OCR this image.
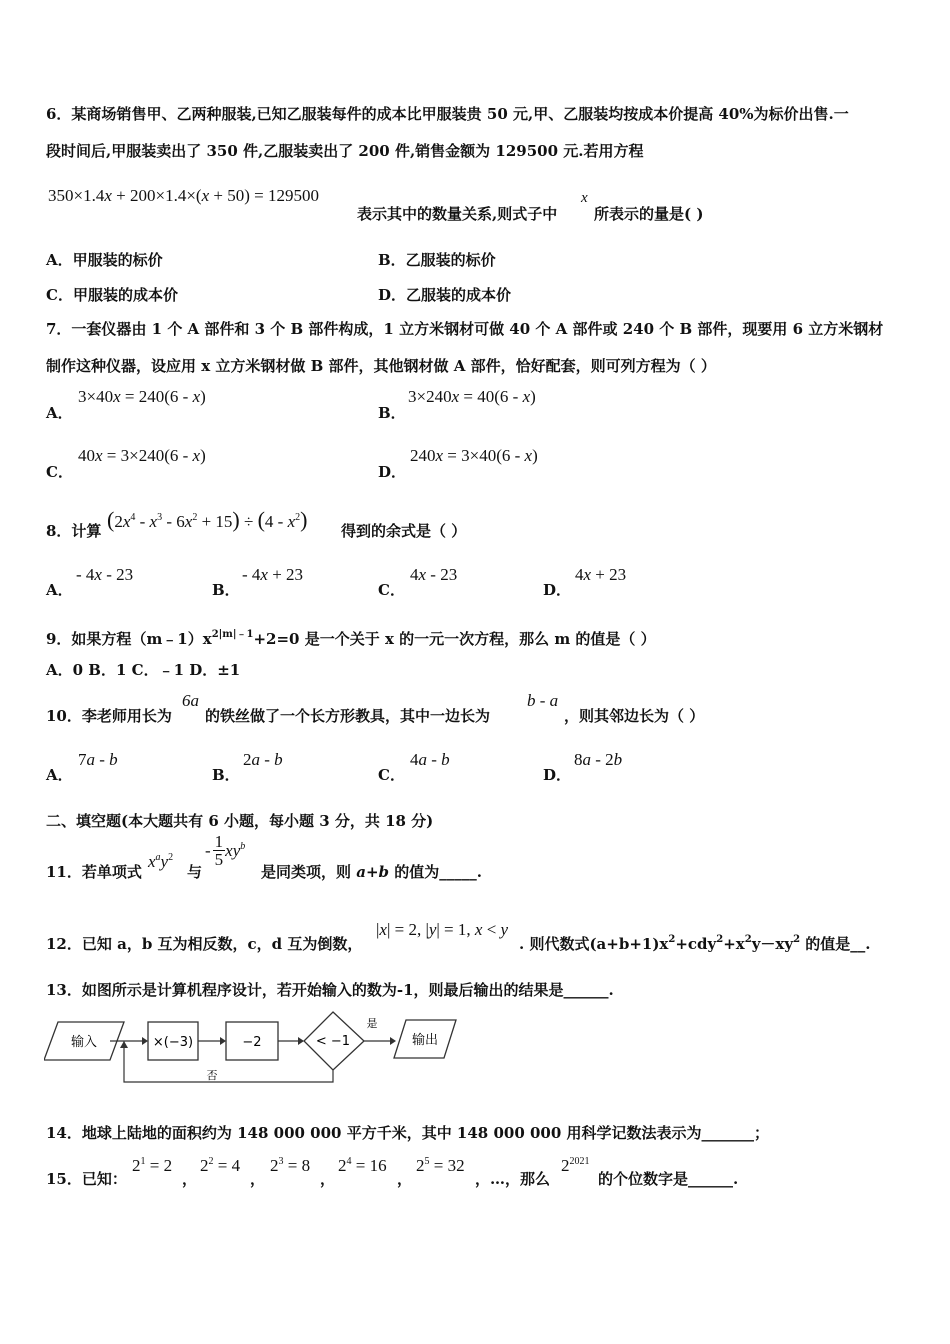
6．某商场销售甲、乙两种服装,已知乙服装每件的成本比甲服装贵 50 元,甲、乙服装均按成本价提高 40%为标价出售.一
段时间后,甲服装卖出了 350 件,乙服装卖出了 200 件,销售金额为 129500 元.若用方程
350×1.4x + 200×1.4×(x + 50) = 129500
表示其中的数量关系,则式子中
x
所表示的量是( )
A．甲服装的标价	B．乙服装的标价
C．甲服装的成本价	D．乙服装的成本价
7．一套仪器由 1 个 A 部件和 3 个 B 部件构成，1 立方米钢材可做 40 个 A 部件或 240 个 B 部件，现要用 6 立方米钢材
制作这种仪器，设应用 x 立方米钢材做 B 部件，其他钢材做 A 部件，恰好配套，则可列方程为（ ）
A．
3×40x = 240(6 - x)
B．
3×240x = 40(6 - x)
C．
40x = 3×240(6 - x)
D．
240x = 3×40(6 - x)
8．计算 $(2x^4 - x^3 - 6x^2 + 15) \div (4 - x^2)$ 得到的余式是（ ）
A．
- 4x - 23
B．
- 4x + 23
C．
4x - 23
D．
4x + 23
9．如果方程$(m﹣1)x^{2|m|﹣1}+2=0$ 是一个关于 x 的一元一次方程，那么 m 的值是（ ）
A．0 B．1 C．﹣1 D．±1
10．李老师用长为
6a
的铁丝做了一个长方形教具，其中一边长为
b - a
，则其邻边长为（ ）
A．
7a - b
B．
2a - b
C．
4a - b
D．
8a - 2b
二、填空题(本大题共有 6 小题，每小题 3 分，共 18 分)
11．若单项式
$x^ay^2$
与
- $\frac{1}{5} xy^b$
是同类项，则 a+b 的值为_____.
12．已知 a，b 互为相反数，c，d 互为倒数，
|x| = 2, |y| = 1, x < y
. 则代数式$(a+b+1)x^2+cdy^2+x^2y-xy^2$ 的值是__.
13．如图所示是计算机程序设计，若开始输入的数为-1，则最后输出的结果是______.
输入	×(−3)	−2	< −1
是
输出
否
14．地球上陆地的面积约为 148 000 000 平方千米，其中 148 000 000 用科学记数法表示为_______；
15．已知：
$2^1 = 2$
，
$2^2 = 4$
，
$2^3 = 8$
，
$2^4 = 16$
，
$2^5 = 32$
，…，那么
$2^{2021}$
的个位数字是______.
